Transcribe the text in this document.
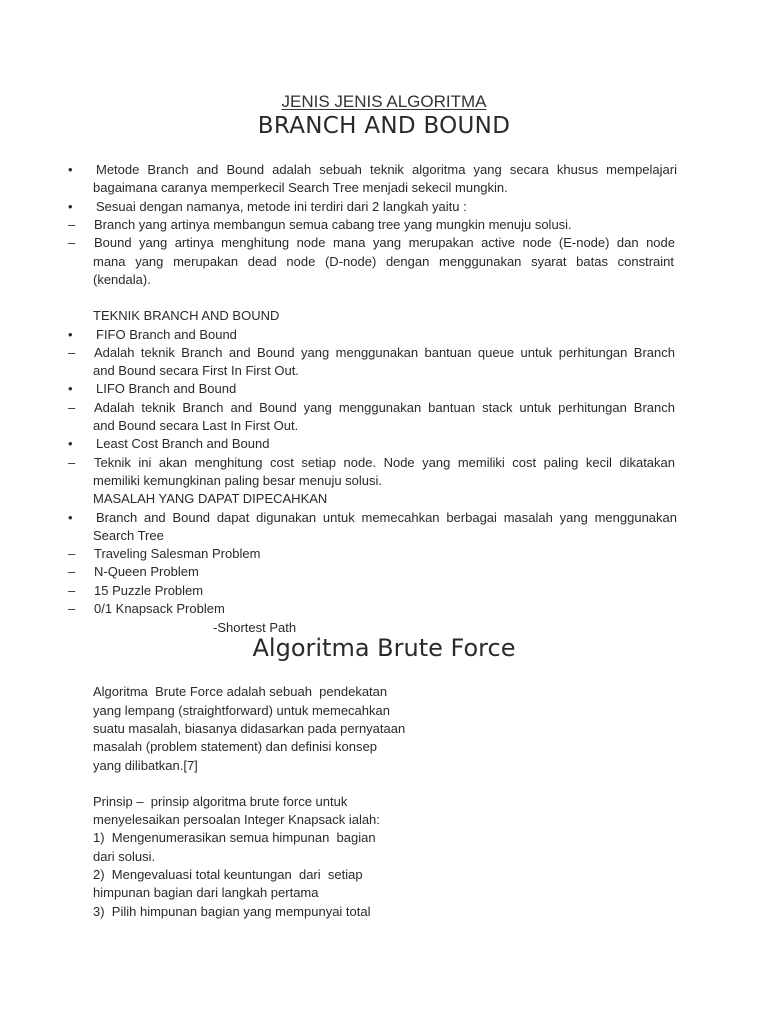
JENIS JENIS ALGORITMA
BRANCH AND BOUND
•	Metode Branch and Bound adalah sebuah teknik algoritma yang secara khusus mempelajari
bagaimana caranya memperkecil Search Tree menjadi sekecil mungkin.
•	Sesuai dengan namanya, metode ini terdiri dari 2 langkah yaitu :
–	Branch yang artinya membangun semua cabang tree yang mungkin menuju solusi.
–	Bound yang artinya menghitung node mana yang merupakan active node (E-node) dan node
mana yang merupakan dead node (D-node) dengan menggunakan syarat batas constraint
(kendala).
TEKNIK BRANCH AND BOUND
•	FIFO Branch and Bound
–	Adalah teknik Branch and Bound yang menggunakan bantuan queue untuk perhitungan Branch
and Bound secara First In First Out.
•	LIFO Branch and Bound
–	Adalah teknik Branch and Bound yang menggunakan bantuan stack untuk perhitungan Branch
and Bound secara Last In First Out.
•	Least Cost Branch and Bound
–	Teknik ini akan menghitung cost setiap node. Node yang memiliki cost paling kecil dikatakan
memiliki kemungkinan paling besar menuju solusi.
MASALAH YANG DAPAT DIPECAHKAN
•	Branch and Bound dapat digunakan untuk memecahkan berbagai masalah yang menggunakan
Search Tree
–	Traveling Salesman Problem
–	N-Queen Problem
–	15 Puzzle Problem
–	0/1 Knapsack Problem
-Shortest Path
Algoritma Brute Force
Algoritma  Brute Force adalah sebuah  pendekatan
yang lempang (straightforward) untuk memecahkan
suatu masalah, biasanya didasarkan pada pernyataan
masalah (problem statement) dan definisi konsep
yang dilibatkan.[7]
Prinsip –  prinsip algoritma brute force untuk
menyelesaikan persoalan Integer Knapsack ialah:
1)  Mengenumerasikan semua himpunan  bagian
dari solusi.
2)  Mengevaluasi total keuntungan  dari  setiap
himpunan bagian dari langkah pertama
3)  Pilih himpunan bagian yang mempunyai total
